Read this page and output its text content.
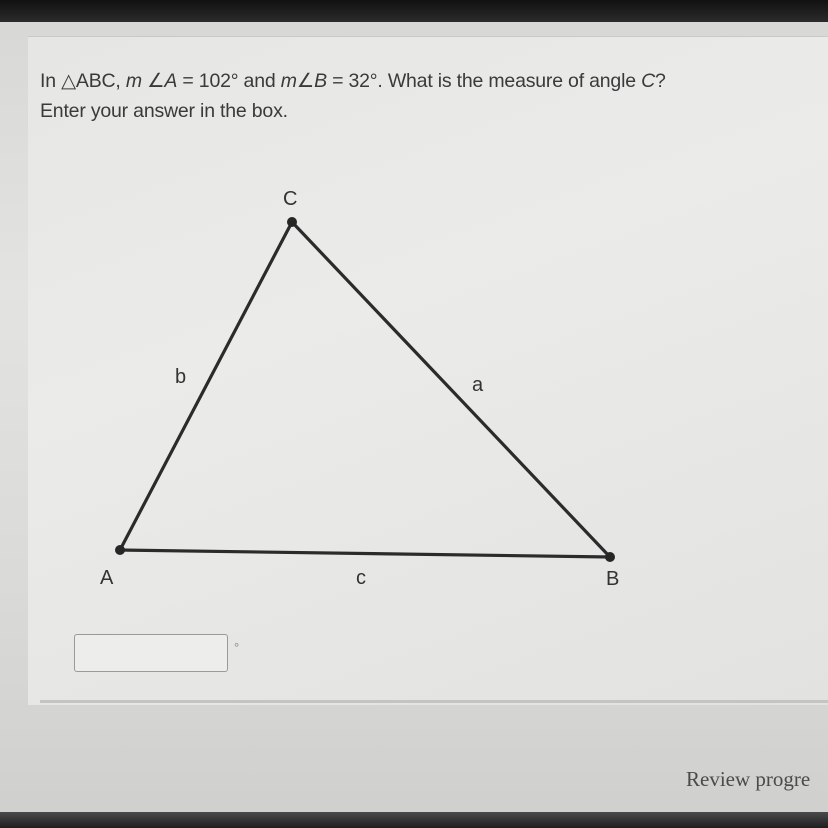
In △ABC, m ∠A = 102° and m∠B = 32°. What is the measure of angle C?
Enter your answer in the box.
C
A	B
b	a
c
°
Review progre
